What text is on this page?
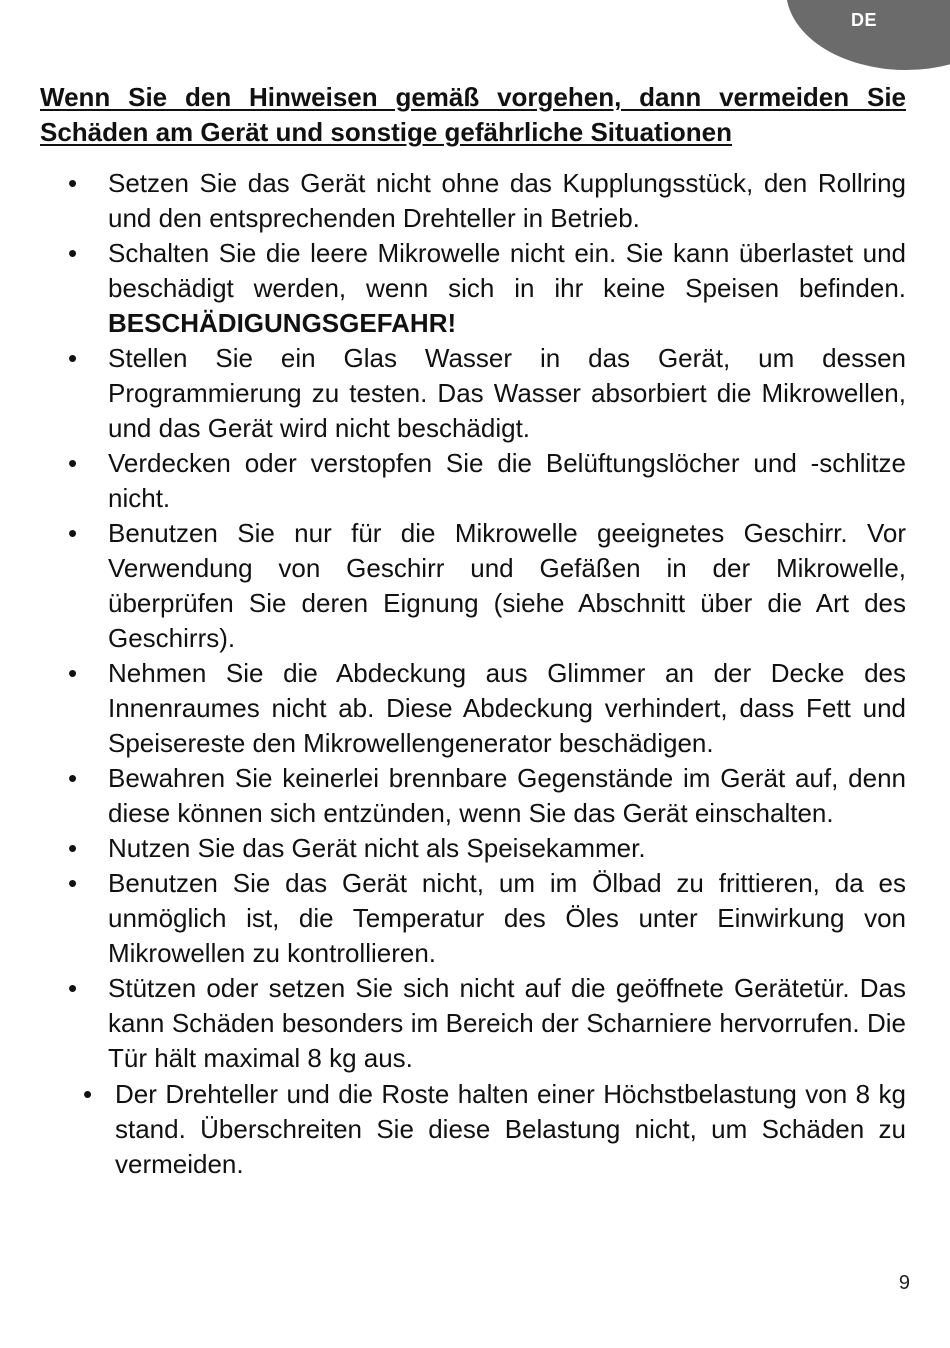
DE
Wenn Sie den Hinweisen gemäß vorgehen, dann vermeiden Sie Schäden am Gerät und sonstige gefährliche Situationen
• Setzen Sie das Gerät nicht ohne das Kupplungsstück, den Rollring und den entsprechenden Drehteller in Betrieb.
• Schalten Sie die leere Mikrowelle nicht ein. Sie kann überlastet und beschädigt werden, wenn sich in ihr keine Speisen befinden. BESCHÄDIGUNGSGEFAHR!
• Stellen Sie ein Glas Wasser in das Gerät, um dessen Programmierung zu testen. Das Wasser absorbiert die Mikrowellen, und das Gerät wird nicht beschädigt.
• Verdecken oder verstopfen Sie die Belüftungslöcher und -schlitze nicht.
• Benutzen Sie nur für die Mikrowelle geeignetes Geschirr. Vor Verwendung von Geschirr und Gefäßen in der Mikrowelle, überprüfen Sie deren Eignung (siehe Abschnitt über die Art des Geschirrs).
• Nehmen Sie die Abdeckung aus Glimmer an der Decke des Innenraumes nicht ab. Diese Abdeckung verhindert, dass Fett und Speisereste den Mikrowellengenerator beschädigen.
• Bewahren Sie keinerlei brennbare Gegenstände im Gerät auf, denn diese können sich entzünden, wenn Sie das Gerät einschalten.
• Nutzen Sie das Gerät nicht als Speisekammer.
• Benutzen Sie das Gerät nicht, um im Ölbad zu frittieren, da es unmöglich ist, die Temperatur des Öles unter Einwirkung von Mikrowellen zu kontrollieren.
• Stützen oder setzen Sie sich nicht auf die geöffnete Gerätetür. Das kann Schäden besonders im Bereich der Scharniere hervorrufen. Die Tür hält maximal 8 kg aus.
• Der Drehteller und die Roste halten einer Höchstbelastung von 8 kg stand. Überschreiten Sie diese Belastung nicht, um Schäden zu vermeiden.
9
